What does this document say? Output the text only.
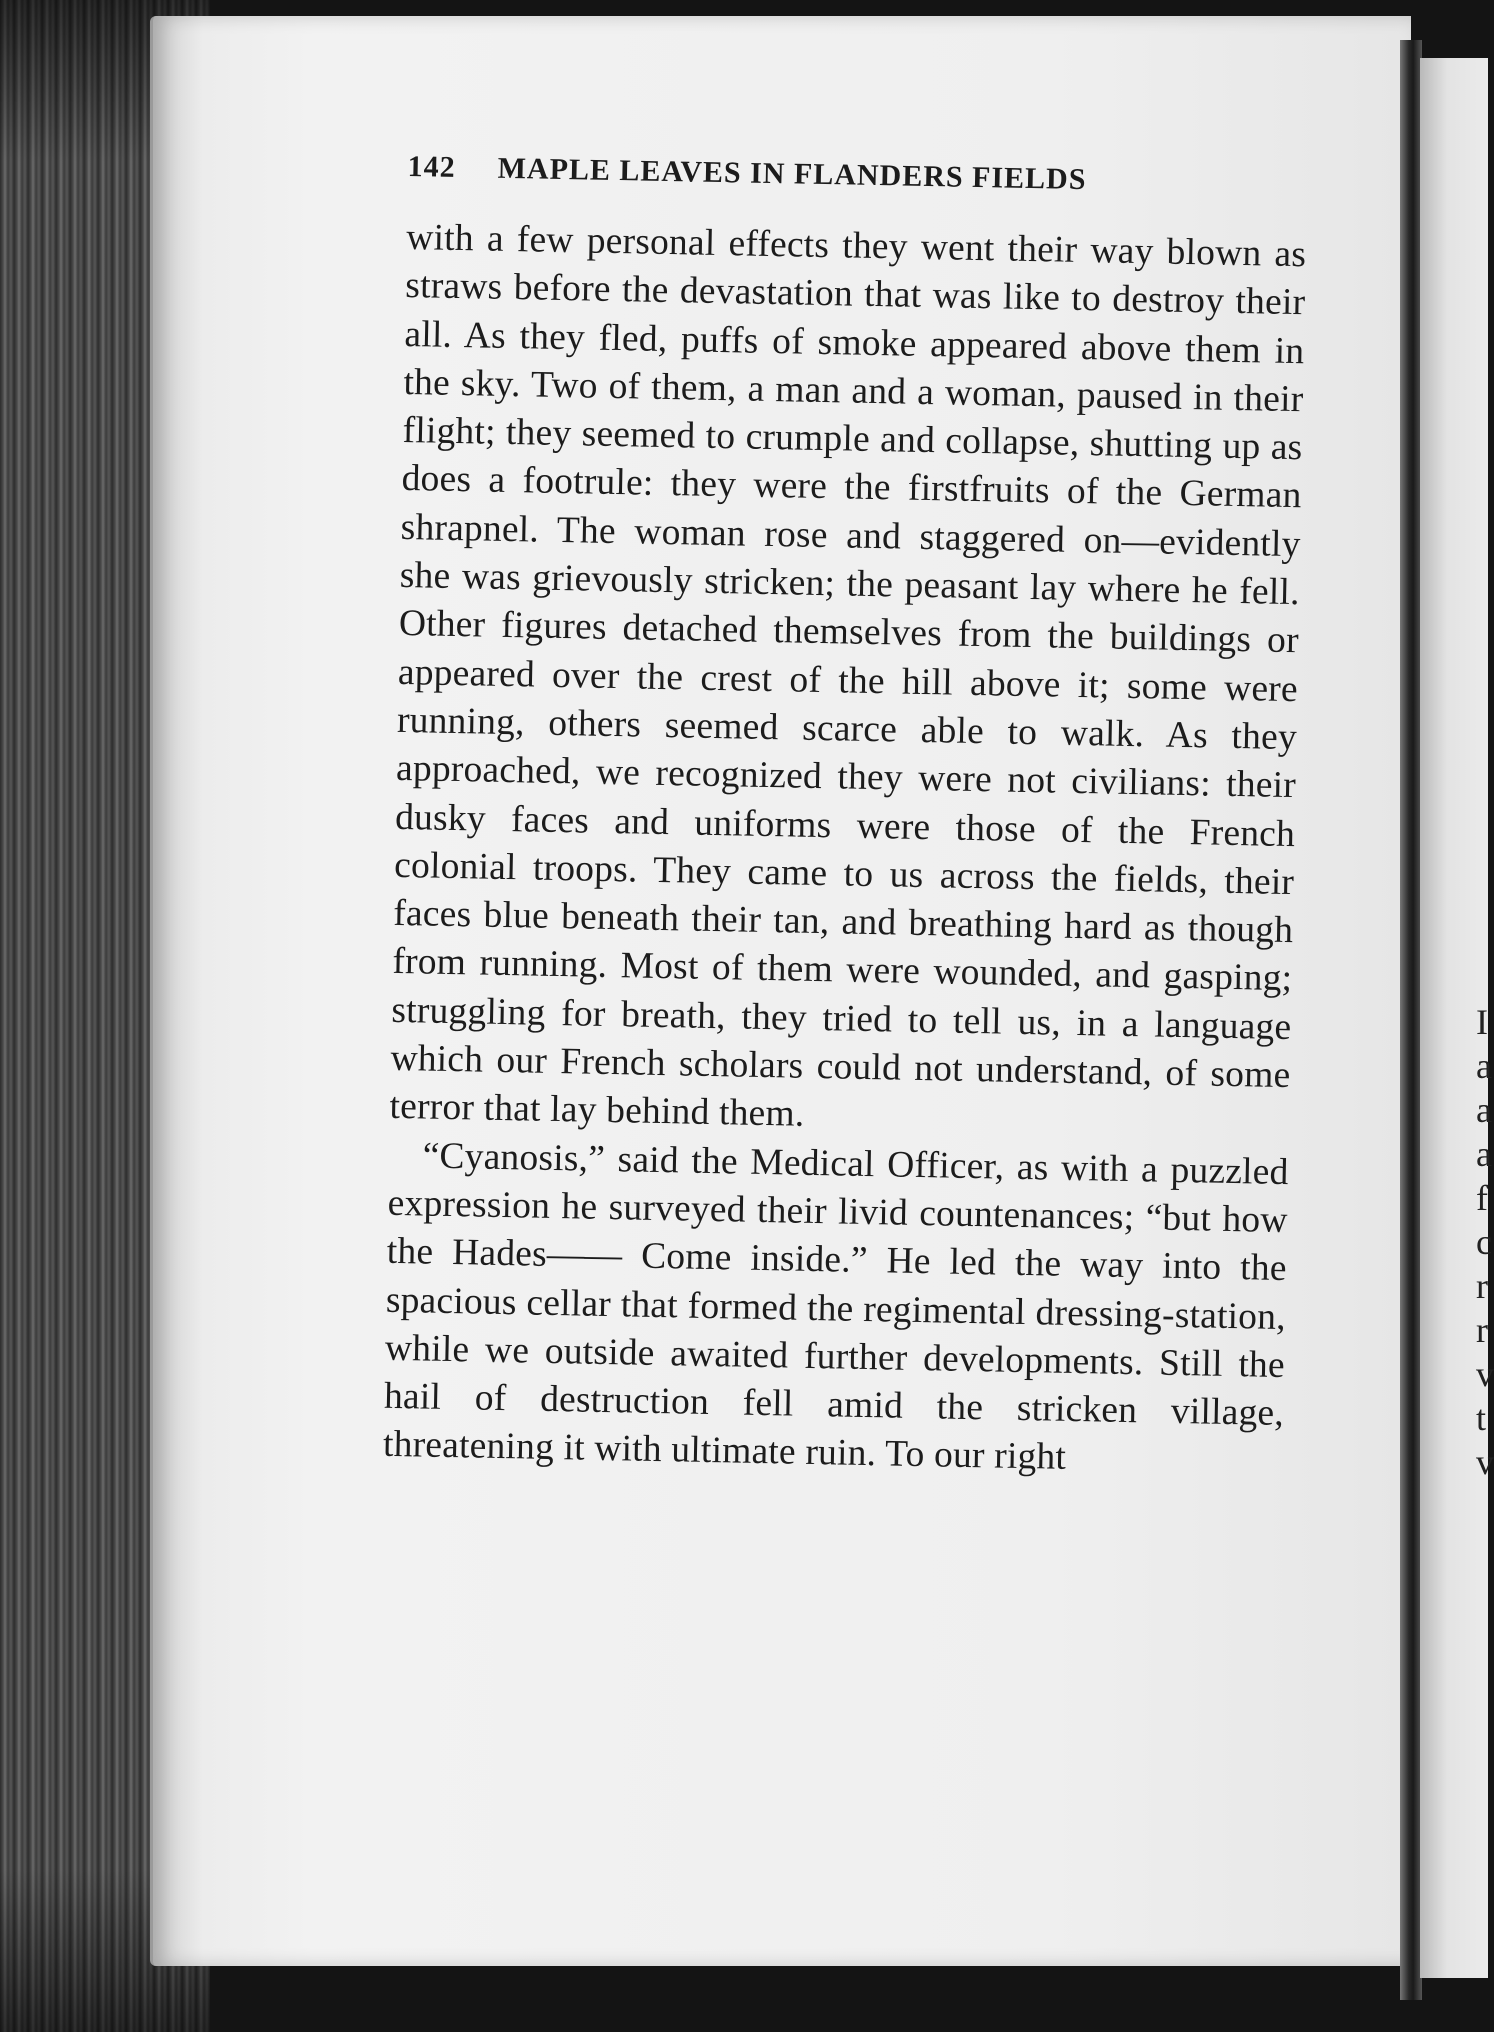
I
a
a
a
f
c
r
r
v
t
v
142	MAPLE LEAVES IN FLANDERS FIELDS

with a few personal effects they went their way blown as straws before the devastation that was like to destroy their all. As they fled, puffs of smoke appeared above them in the sky. Two of them, a man and a woman, paused in their flight; they seemed to crumple and collapse, shutting up as does a footrule: they were the firstfruits of the German shrapnel. The woman rose and staggered on—evidently she was grievously stricken; the peasant lay where he fell. Other figures detached themselves from the buildings or appeared over the crest of the hill above it; some were running, others seemed scarce able to walk. As they approached, we recognized they were not civilians: their dusky faces and uniforms were those of the French colonial troops. They came to us across the fields, their faces blue beneath their tan, and breathing hard as though from running. Most of them were wounded, and gasping; struggling for breath, they tried to tell us, in a language which our French scholars could not understand, of some terror that lay behind them.

“Cyanosis,” said the Medical Officer, as with a puzzled expression he surveyed their livid countenances; “but how the Hades—— Come inside.” He led the way into the spacious cellar that formed the regimental dressing-station, while we outside awaited further developments. Still the hail of destruction fell amid the stricken village, threatening it with ultimate ruin. To our right
